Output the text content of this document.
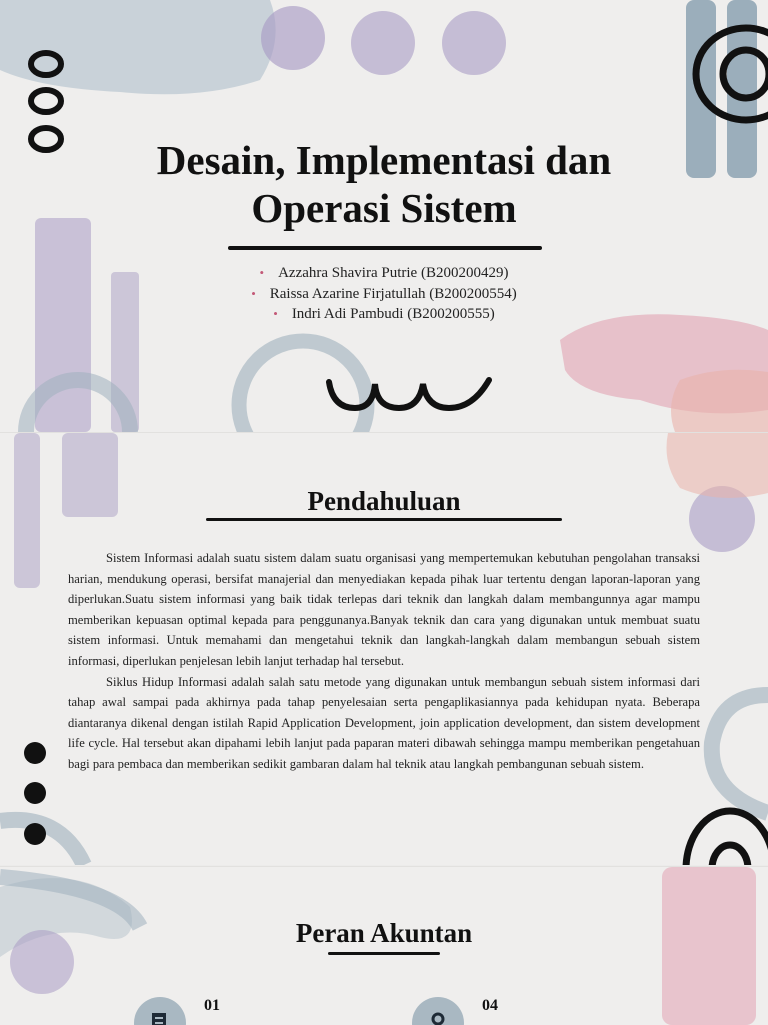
Desain, Implementasi dan
Operasi Sistem
• Azzahra Shavira Putrie (B200200429)
• Raissa Azarine Firjatullah (B200200554)
• Indri Adi Pambudi (B200200555)
Pendahuluan

Sistem Informasi adalah suatu sistem dalam suatu organisasi yang mempertemukan kebutuhan pengolahan transaksi harian, mendukung operasi, bersifat manajerial dan menyediakan kepada pihak luar tertentu dengan laporan-laporan yang diperlukan.Suatu sistem informasi yang baik tidak terlepas dari teknik dan langkah dalam membangunnya agar mampu memberikan kepuasan optimal kepada para penggunanya.Banyak teknik dan cara yang digunakan untuk membuat suatu sistem informasi. Untuk memahami dan mengetahui teknik dan langkah-langkah dalam membangun sebuah sistem informasi, diperlukan penjelesan lebih lanjut terhadap hal tersebut.

Siklus Hidup Informasi adalah salah satu metode yang digunakan untuk membangun sebuah sistem informasi dari tahap awal sampai pada akhirnya pada tahap penyelesaian serta pengaplikasiannya pada kehidupan nyata. Beberapa diantaranya dikenal dengan istilah Rapid Application Development, join application development, dan sistem development life cycle. Hal tersebut akan dipahami lebih lanjut pada paparan materi dibawah sehingga mampu memberikan pengetahuan bagi para pembaca dan memberikan sedikit gambaran dalam hal teknik atau langkah pembangunan sebuah sistem.

Peran Akuntan
01	04
